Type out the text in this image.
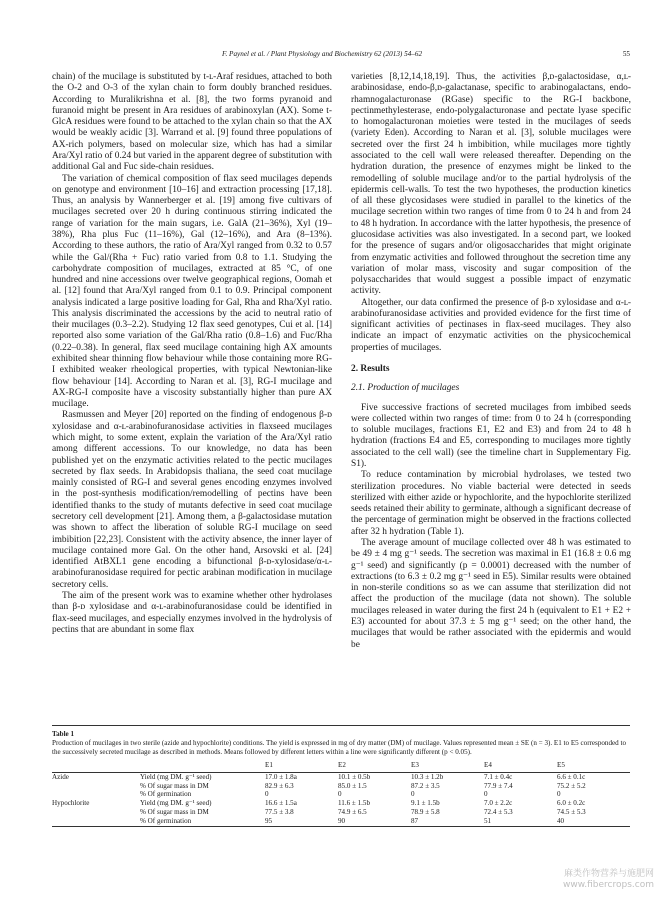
F. Paynel et al. / Plant Physiology and Biochemistry 62 (2013) 54–62	55

chain) of the mucilage is substituted by t-ʟ-Araf residues, attached to both the O-2 and O-3 of the xylan chain to form doubly branched residues. According to Muralikrishna et al. [8], the two forms pyranoid and furanoid might be present in Ara residues of arabinoxylan (AX). Some t-GlcA residues were found to be attached to the xylan chain so that the AX would be weakly acidic [3]. Warrand et al. [9] found three populations of AX-rich polymers, based on molecular size, which has had a similar Ara/Xyl ratio of 0.24 but varied in the apparent degree of substitution with additional Gal and Fuc side-chain residues.

The variation of chemical composition of flax seed mucilages depends on genotype and environment [10–16] and extraction processing [17,18]. Thus, an analysis by Wannerberger et al. [19] among five cultivars of mucilages secreted over 20 h during continuous stirring indicated the range of variation for the main sugars, i.e. GalA (21–36%), Xyl (19–38%), Rha plus Fuc (11–16%), Gal (12–16%), and Ara (8–13%). According to these authors, the ratio of Ara/Xyl ranged from 0.32 to 0.57 while the Gal/(Rha + Fuc) ratio varied from 0.8 to 1.1. Studying the carbohydrate composition of mucilages, extracted at 85 °C, of one hundred and nine accessions over twelve geographical regions, Oomah et al. [12] found that Ara/Xyl ranged from 0.1 to 0.9. Principal component analysis indicated a large positive loading for Gal, Rha and Rha/Xyl ratio. This analysis discriminated the accessions by the acid to neutral ratio of their mucilages (0.3–2.2). Studying 12 flax seed genotypes, Cui et al. [14] reported also some variation of the Gal/Rha ratio (0.8–1.6) and Fuc/Rha (0.22–0.38). In general, flax seed mucilage containing high AX amounts exhibited shear thinning flow behaviour while those containing more RG-I exhibited weaker rheological properties, with typical Newtonian-like flow behaviour [14]. According to Naran et al. [3], RG-I mucilage and AX-RG-I composite have a viscosity substantially higher than pure AX mucilage.

Rasmussen and Meyer [20] reported on the finding of endogenous β-ᴅ xylosidase and α-ʟ-arabinofuranosidase activities in flaxseed mucilages which might, to some extent, explain the variation of the Ara/Xyl ratio among different accessions. To our knowledge, no data has been published yet on the enzymatic activities related to the pectic mucilages secreted by flax seeds. In Arabidopsis thaliana, the seed coat mucilage mainly consisted of RG-I and several genes encoding enzymes involved in the post-synthesis modification/remodelling of pectins have been identified thanks to the study of mutants defective in seed coat mucilage secretory cell development [21]. Among them, a β-galactosidase mutation was shown to affect the liberation of soluble RG-I mucilage on seed imbibition [22,23]. Consistent with the activity absence, the inner layer of mucilage contained more Gal. On the other hand, Arsovski et al. [24] identified AtBXL1 gene encoding a bifunctional β-ᴅ-xylosidase/α-ʟ-arabinofuranosidase required for pectic arabinan modification in mucilage secretory cells.

The aim of the present work was to examine whether other hydrolases than β-ᴅ xylosidase and α-ʟ-arabinofuranosidase could be identified in flax-seed mucilages, and especially enzymes involved in the hydrolysis of pectins that are abundant in some flax

varieties [8,12,14,18,19]. Thus, the activities β,ᴅ-galactosidase, α,ʟ-arabinosidase, endo-β,ᴅ-galactanase, specific to arabinogalactans, endo-rhamnogalacturonase (RGase) specific to the RG-I backbone, pectinmethylesterase, endo-polygalacturonase and pectate lyase specific to homogalacturonan moieties were tested in the mucilages of seeds (variety Eden). According to Naran et al. [3], soluble mucilages were secreted over the first 24 h imbibition, while mucilages more tightly associated to the cell wall were released thereafter. Depending on the hydration duration, the presence of enzymes might be linked to the remodelling of soluble mucilage and/or to the partial hydrolysis of the epidermis cell-walls. To test the two hypotheses, the production kinetics of all these glycosidases were studied in parallel to the kinetics of the mucilage secretion within two ranges of time from 0 to 24 h and from 24 to 48 h hydration. In accordance with the latter hypothesis, the presence of glucosidase activities was also investigated. In a second part, we looked for the presence of sugars and/or oligosaccharides that might originate from enzymatic activities and followed throughout the secretion time any variation of molar mass, viscosity and sugar composition of the polysaccharides that would suggest a possible impact of enzymatic activity.

Altogether, our data confirmed the presence of β-ᴅ xylosidase and α-ʟ-arabinofuranosidase activities and provided evidence for the first time of significant activities of pectinases in flax-seed mucilages. They also indicate an impact of enzymatic activities on the physicochemical properties of mucilages.

2. Results

2.1. Production of mucilages

Five successive fractions of secreted mucilages from imbibed seeds were collected within two ranges of time: from 0 to 24 h (corresponding to soluble mucilages, fractions E1, E2 and E3) and from 24 to 48 h hydration (fractions E4 and E5, corresponding to mucilages more tightly associated to the cell wall) (see the timeline chart in Supplementary Fig. S1).

To reduce contamination by microbial hydrolases, we tested two sterilization procedures. No viable bacterial were detected in seeds sterilized with either azide or hypochlorite, and the hypochlorite sterilized seeds retained their ability to germinate, although a significant decrease of the percentage of germination might be observed in the fractions collected after 32 h hydration (Table 1).

The average amount of mucilage collected over 48 h was estimated to be 49 ± 4 mg g⁻¹ seeds. The secretion was maximal in E1 (16.8 ± 0.6 mg g⁻¹ seed) and significantly (p = 0.0001) decreased with the number of extractions (to 6.3 ± 0.2 mg g⁻¹ seed in E5). Similar results were obtained in non-sterile conditions so as we can assume that sterilization did not affect the production of the mucilage (data not shown). The soluble mucilages released in water during the first 24 h (equivalent to E1 + E2 + E3) accounted for about 37.3 ± 5 mg g⁻¹ seed; on the other hand, the mucilages that would be rather associated with the epidermis and would be

Table 1
Production of mucilages in two sterile (azide and hypochlorite) conditions. The yield is expressed in mg of dry matter (DM) of mucilage. Values represented mean ± SE (n = 3). E1 to E5 corresponded to the successively secreted mucilage as described in methods. Means followed by different letters within a line were significantly different (p < 0.05).
		E1	E2	E3	E4	E5
Azide	Yield (mg DM. g⁻¹ seed)	17.0 ± 1.8a	10.1 ± 0.5b	10.3 ± 1.2b	7.1 ± 0.4c	6.6 ± 0.1c
	% Of sugar mass in DM	82.9 ± 6.3	85.0 ± 1.5	87.2 ± 3.5	77.9 ± 7.4	75.2 ± 5.2
	% Of germination	0	0	0	0	0
Hypochlorite	Yield (mg DM. g⁻¹ seed)	16.6 ± 1.5a	11.6 ± 1.5b	9.1 ± 1.5b	7.0 ± 2.2c	6.0 ± 0.2c
	% Of sugar mass in DM	77.5 ± 3.8	74.9 ± 6.5	78.9 ± 5.8	72.4 ± 5.3	74.5 ± 5.3
	% Of germination	95	90	87	51	40
麻类作物营养与施肥网
www.fibercrops.com
